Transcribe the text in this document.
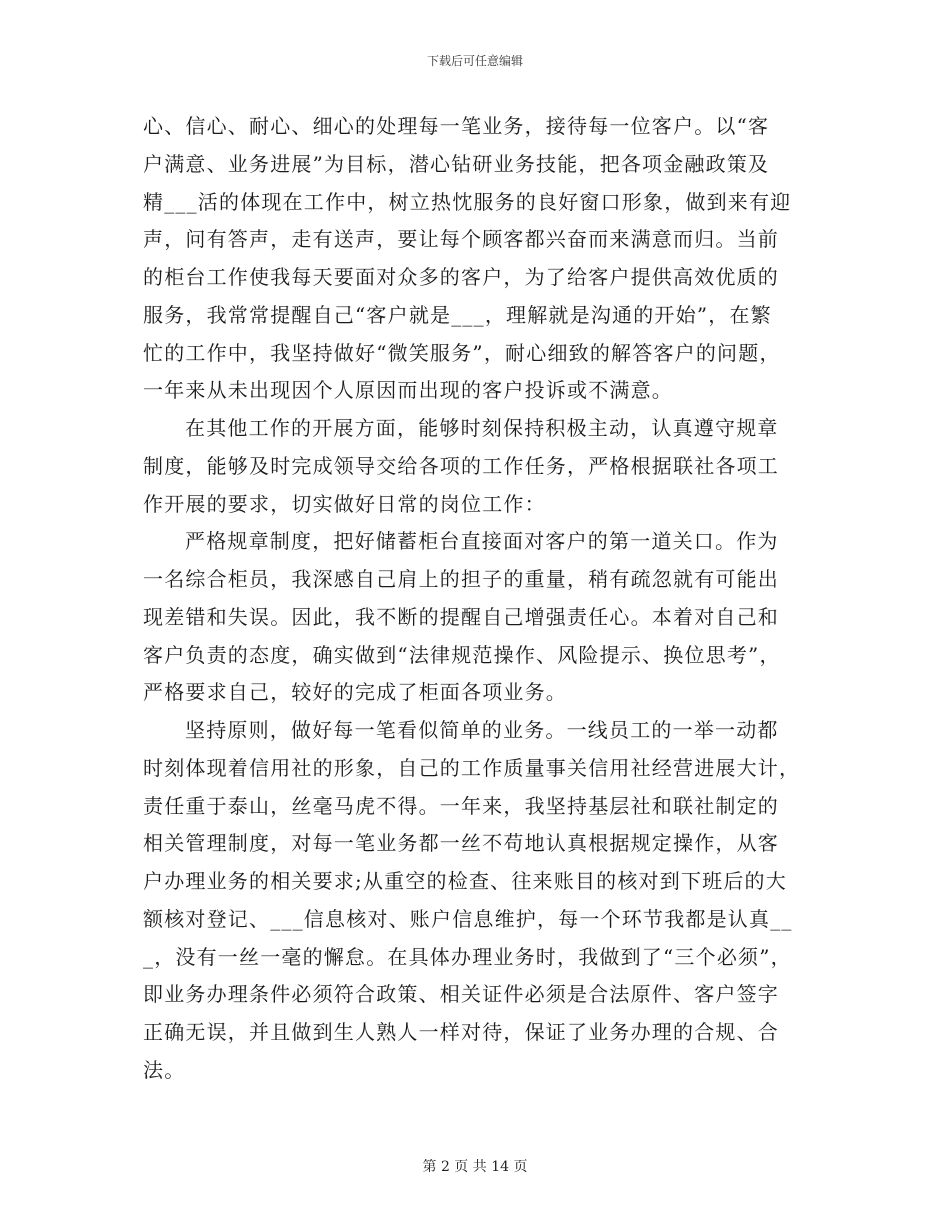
下载后可任意编辑
心、信心、耐心、细心的处理每一笔业务，接待每一位客户。以“客
户满意、业务进展”为目标，潜心钻研业务技能，把各项金融政策及
精___活的体现在工作中，树立热忱服务的良好窗口形象，做到来有迎
声，问有答声，走有送声，要让每个顾客都兴奋而来满意而归。当前
的柜台工作使我每天要面对众多的客户，为了给客户提供高效优质的
服务，我常常提醒自己“客户就是___，理解就是沟通的开始”，在繁
忙的工作中，我坚持做好“微笑服务”，耐心细致的解答客户的问题，
一年来从未出现因个人原因而出现的客户投诉或不满意。
在其他工作的开展方面，能够时刻保持积极主动，认真遵守规章
制度，能够及时完成领导交给各项的工作任务，严格根据联社各项工
作开展的要求，切实做好日常的岗位工作：
严格规章制度，把好储蓄柜台直接面对客户的第一道关口。作为
一名综合柜员，我深感自己肩上的担子的重量，稍有疏忽就有可能出
现差错和失误。因此，我不断的提醒自己增强责任心。本着对自己和
客户负责的态度，确实做到“法律规范操作、风险提示、换位思考”，
严格要求自己，较好的完成了柜面各项业务。
坚持原则，做好每一笔看似简单的业务。一线员工的一举一动都
时刻体现着信用社的形象，自己的工作质量事关信用社经营进展大计，
责任重于泰山，丝毫马虎不得。一年来，我坚持基层社和联社制定的
相关管理制度，对每一笔业务都一丝不苟地认真根据规定操作，从客
户办理业务的相关要求;从重空的检查、往来账目的核对到下班后的大
额核对登记、___信息核对、账户信息维护，每一个环节我都是认真__
_，没有一丝一毫的懈怠。在具体办理业务时，我做到了“三个必须”，
即业务办理条件必须符合政策、相关证件必须是合法原件、客户签字
正确无误，并且做到生人熟人一样对待，保证了业务办理的合规、合
法。
第 2 页 共 14 页
